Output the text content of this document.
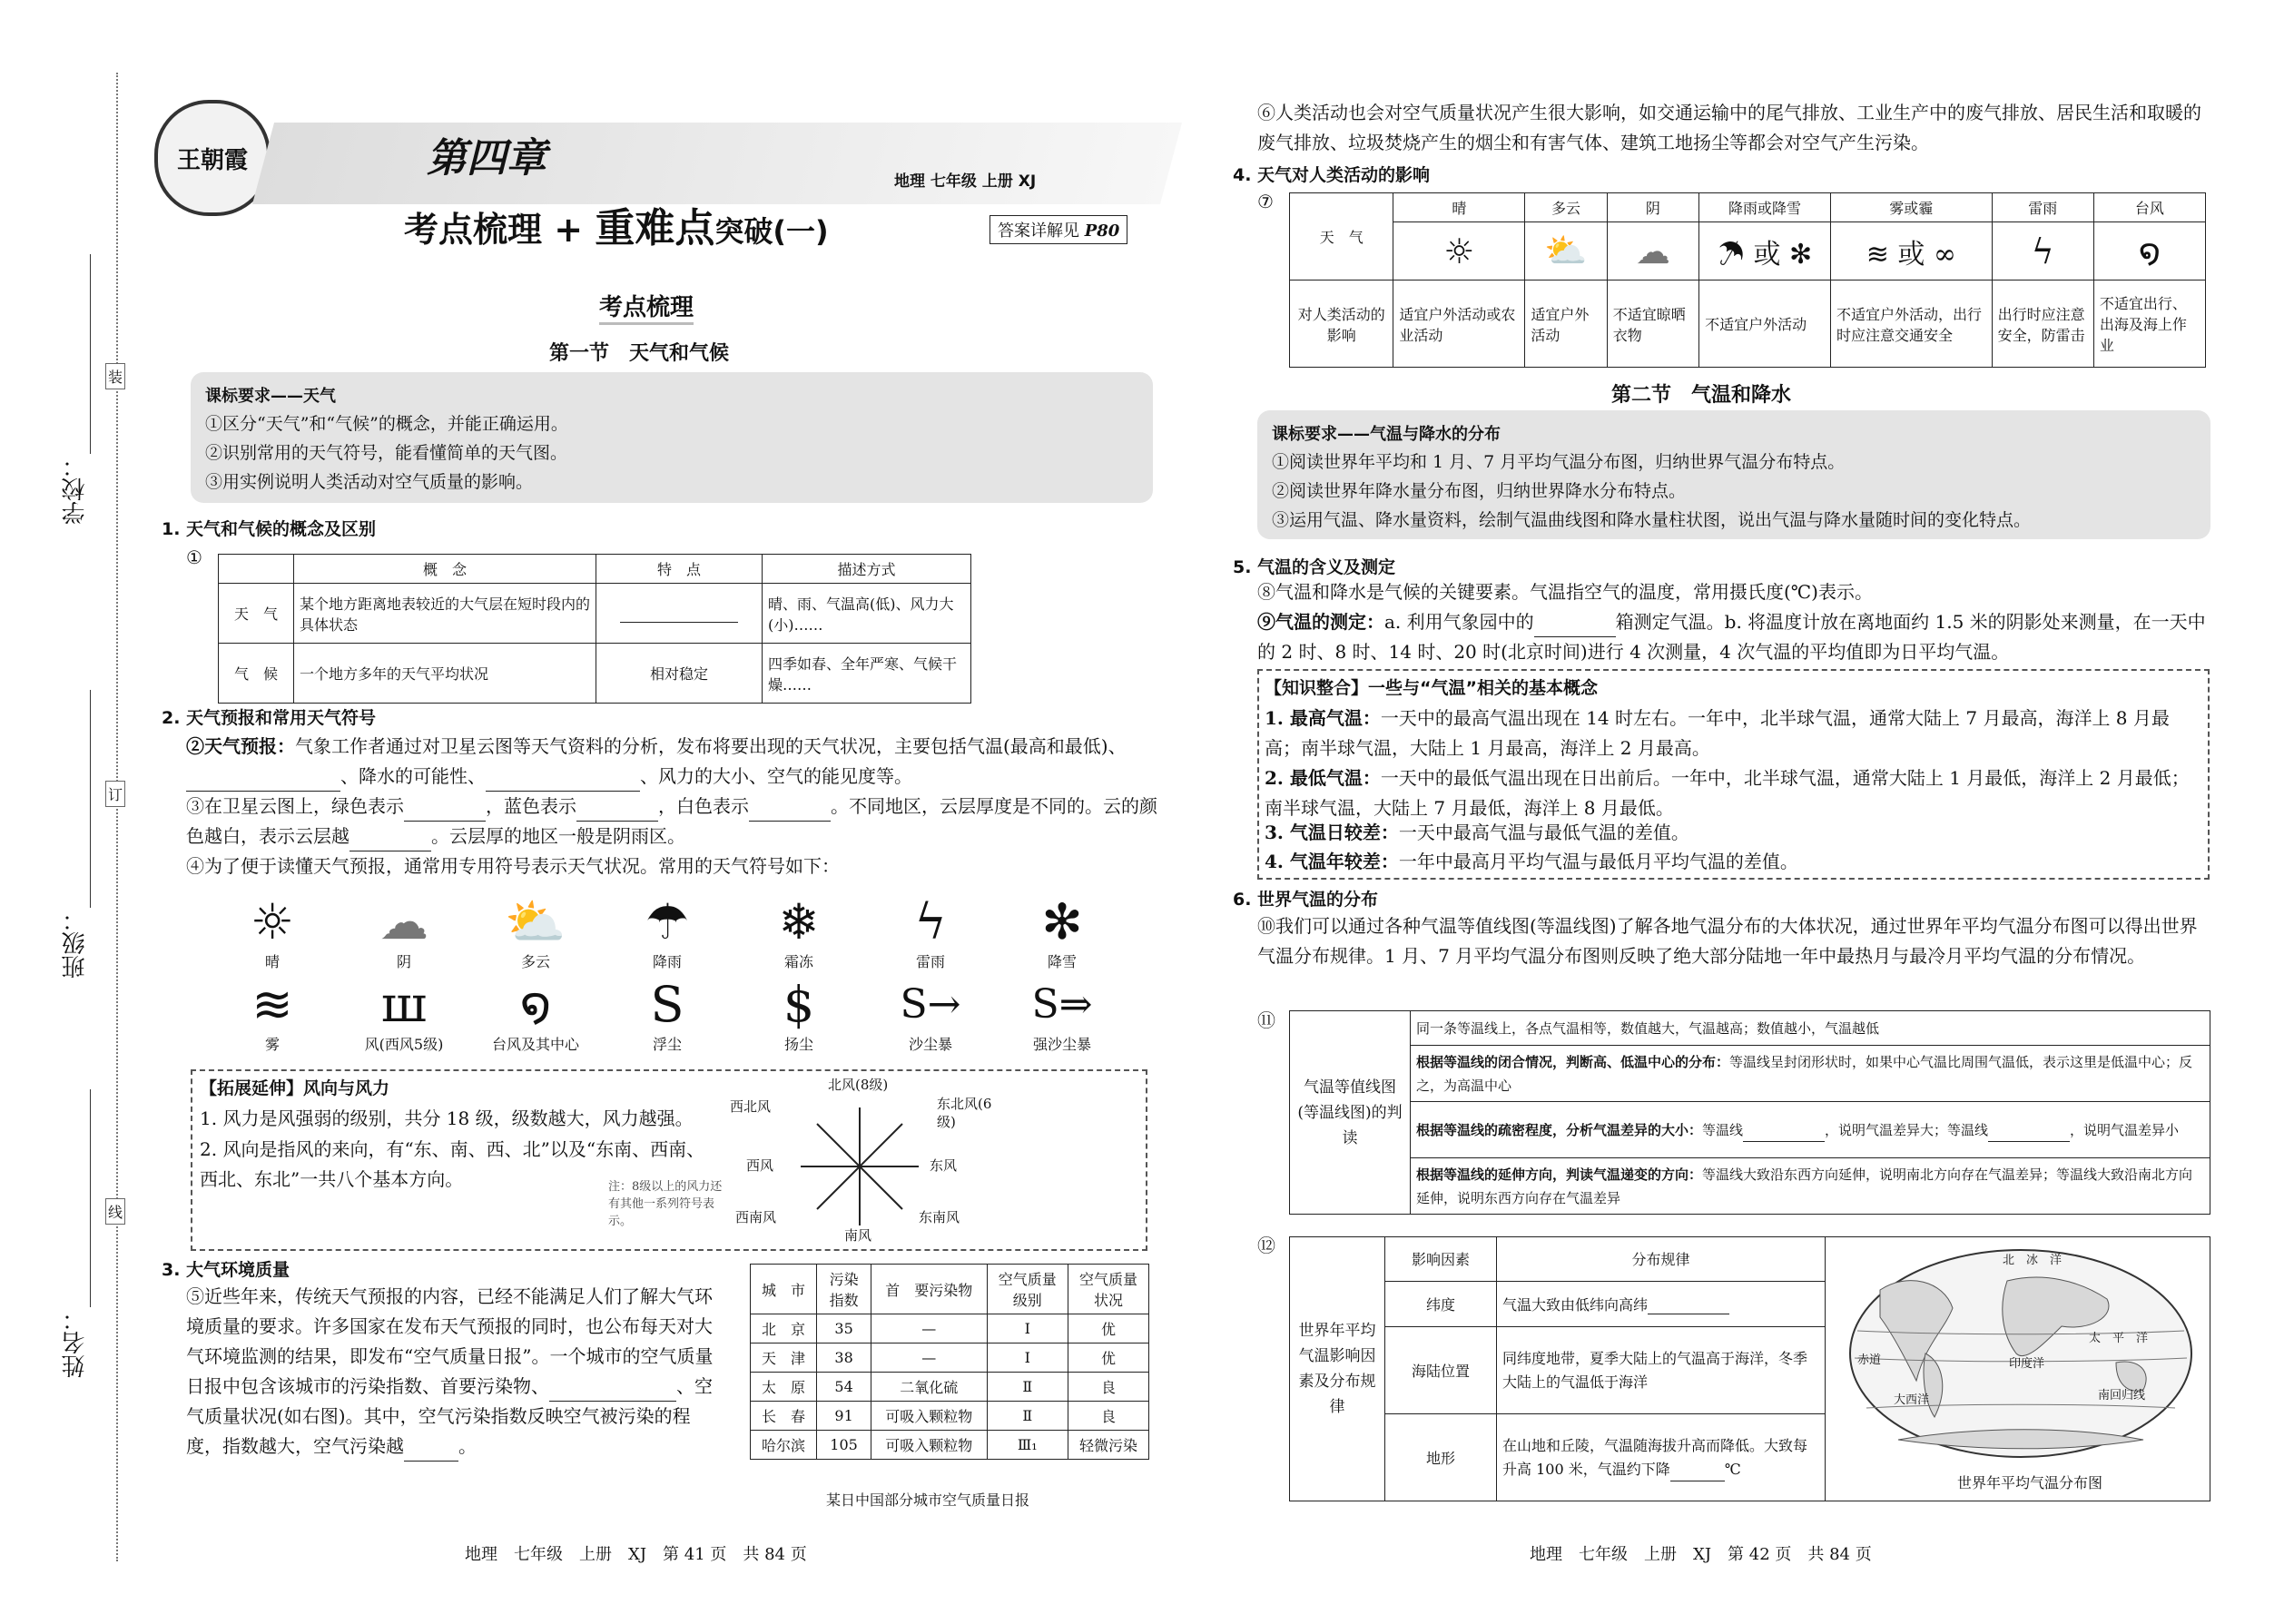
学校：
班级：
姓名：
装
订
线
王朝霞	第四章
考点梳理 + 重难点突破(一)
地理 七年级 上册 XJ
答案详解见 P80
考点梳理
第一节　天气和气候
课标要求——天气
①区分“天气”和“气候”的概念，并能正确运用。
②识别常用的天气符号，能看懂简单的天气图。
③用实例说明人类活动对空气质量的影响。
1. 天气和气候的概念及区别
①
	概　念	特　点	描述方式
天　气	某个地方距离地表较近的大气层在短时段内的具体状态		晴、雨、气温高(低)、风力大(小)……
气　候	一个地方多年的天气平均状况	相对稳定	四季如春、全年严寒、气候干燥……
2. 天气预报和常用天气符号
②天气预报：气象工作者通过对卫星云图等天气资料的分析，发布将要出现的天气状况，主要包括气温(最高和最低)、、降水的可能性、	、风力的大小、空气的能见度等。
③在卫星云图上，绿色表示	，蓝色表示	，白色表示	。不同地区，云层厚度是不同的。云的颜色越白，表示云层越	。云层厚的地区一般是阴雨区。
④为了便于读懂天气预报，通常用专用符号表示天气状况。常用的天气符号如下：
☼
晴
☁
阴
⛅
多云
☂
降雨
❄
霜冻
ϟ
雷雨
✻
降雪
≋
雾
ш
风(西风5级)
໑
台风及其中心
S
浮尘
$
扬尘
S→
沙尘暴
S⇒
强沙尘暴
【拓展延伸】风向与风力
1. 风力是风强弱的级别，共分 18 级，级数越大，风力越强。
2. 风向是指风的来向，有“东、南、西、北”以及“东南、西南、西北、东北”一共八个基本方向。
北风(8级)
东北风(6级)
西北风
西风	东风
西南风
南风
东南风
注：8级以上的风力还有其他一系列符号表示。
3. 大气环境质量
⑤近些年来，传统天气预报的内容，已经不能满足人们了解大气环境质量的要求。许多国家在发布天气预报的同时，也公布每天对大气环境监测的结果，即发布“空气质量日报”。一个城市的空气质量日报中包含该城市的污染指数、首要污染物、	、空气质量状况(如右图)。其中，空气污染指数反映空气被污染的程度，指数越大，空气污染越	。
城　市	污染指数	首　要污染物	空气质量级别	空气质量状况
北　京	35	—	Ⅰ	优
天　津	38	—	Ⅰ	优
太　原	54	二氧化硫	Ⅱ	良
长　春	91	可吸入颗粒物	Ⅱ	良
哈尔滨	105	可吸入颗粒物	Ⅲ₁	轻微污染
某日中国部分城市空气质量日报
地理　七年级　上册　XJ　第 41 页　共 84 页
⑥人类活动也会对空气质量状况产生很大影响，如交通运输中的尾气排放、工业生产中的废气排放、居民生活和取暖的废气排放、垃圾焚烧产生的烟尘和有害气体、建筑工地扬尘等都会对空气产生污染。
4. 天气对人类活动的影响
⑦
天　气	晴	多云	阴	降雨或降雪	雾或霾	雷雨	台风
	☼	⛅	☁	☂ 或 ✻	≋ 或 ∞	ϟ	໑
对人类活动的影响	适宜户外活动或农业活动	适宜户外活动	不适宜晾晒衣物	不适宜户外活动	不适宜户外活动，出行时应注意交通安全	出行时应注意安全，防雷击	不适宜出行、出海及海上作业
第二节　气温和降水
课标要求——气温与降水的分布
①阅读世界年平均和 1 月、7 月平均气温分布图，归纳世界气温分布特点。
②阅读世界年降水量分布图，归纳世界降水分布特点。
③运用气温、降水量资料，绘制气温曲线图和降水量柱状图，说出气温与降水量随时间的变化特点。
5. 气温的含义及测定
⑧气温和降水是气候的关键要素。气温指空气的温度，常用摄氏度(℃)表示。
⑨气温的测定：a. 利用气象园中的	箱测定气温。b. 将温度计放在离地面约 1.5 米的阴影处来测量，在一天中的 2 时、8 时、14 时、20 时(北京时间)进行 4 次测量，4 次气温的平均值即为日平均气温。
【知识整合】一些与“气温”相关的基本概念
1. 最高气温：一天中的最高气温出现在 14 时左右。一年中，北半球气温，通常大陆上 7 月最高，海洋上 8 月最高；南半球气温，大陆上 1 月最高，海洋上 2 月最高。
2. 最低气温：一天中的最低气温出现在日出前后。一年中，北半球气温，通常大陆上 1 月最低，海洋上 2 月最低；南半球气温，大陆上 7 月最低，海洋上 8 月最低。
3. 气温日较差：一天中最高气温与最低气温的差值。
4. 气温年较差：一年中最高月平均气温与最低月平均气温的差值。
6. 世界气温的分布
⑩我们可以通过各种气温等值线图(等温线图)了解各地气温分布的大体状况，通过世界年平均气温分布图可以得出世界气温分布规律。1 月、7 月平均气温分布图则反映了绝大部分陆地一年中最热月与最冷月平均气温的分布情况。
⑪
气温等值线图(等温线图)的判读	同一条等温线上，各点气温相等，数值越大，气温越高；数值越小，气温越低
根据等温线的闭合情况，判断高、低温中心的分布：等温线呈封闭形状时，如果中心气温比周围气温低，表示这里是低温中心；反之，为高温中心
根据等温线的疏密程度，分析气温差异的大小：等温线	，说明气温差异大；等温线	，说明气温差异小
根据等温线的延伸方向，判读气温递变的方向：等温线大致沿东西方向延伸，说明南北方向存在气温差异；等温线大致沿南北方向延伸，说明东西方向存在气温差异
⑫
世界年平均气温影响因素及分布规律	影响因素	分布规律
	纬度	气温大致由低纬向高纬
	海陆位置	同纬度地带，夏季大陆上的气温高于海洋，冬季大陆上的气温低于海洋
	地形	在山地和丘陵，气温随海拔升高而降低。大致每升高 100 米，气温约下降 ℃
北　冰　洋
赤道	印度洋
太　平　洋
南回归线
大西洋
世界年平均气温分布图
地理　七年级　上册　XJ　第 42 页　共 84 页
